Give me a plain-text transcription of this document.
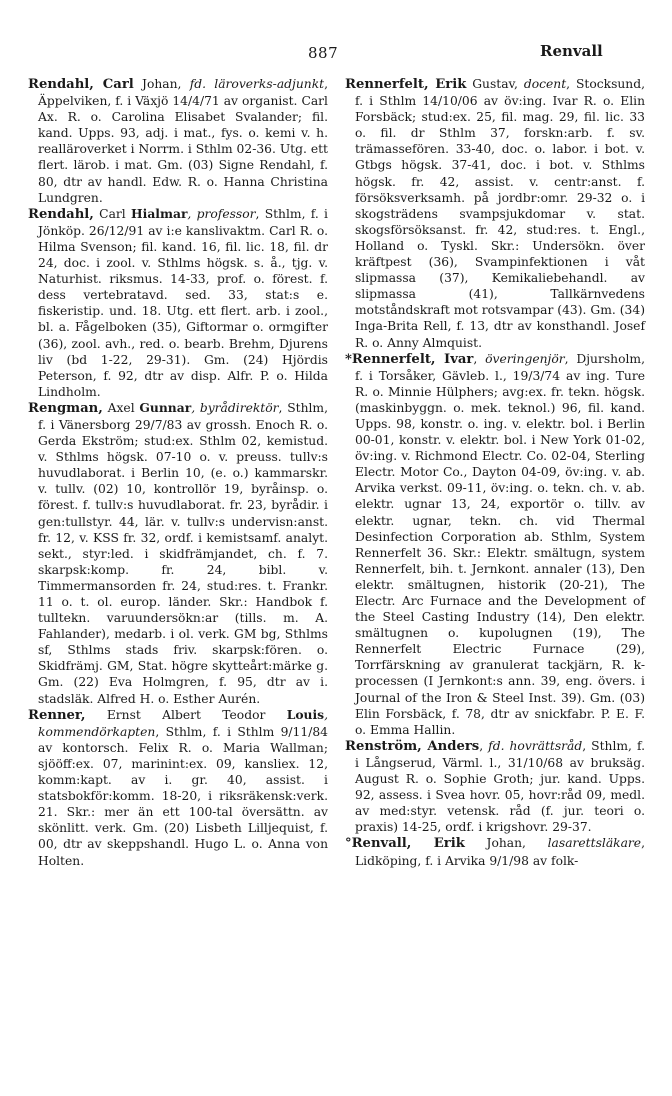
887	Renvall

Rendahl, Carl Johan, fd. läroverks-adjunkt, Äppelviken, f. i Växjö 14/4/71 av organist. Carl Ax. R. o. Carolina Elisabet Svalander; fil. kand. Upps. 93, adj. i mat., fys. o. kemi v. h. realläroverket i Norrm. i Sthlm 02-36. Utg. ett flert. lärob. i mat. Gm. (03) Signe Rendahl, f. 80, dtr av handl. Edw. R. o. Hanna Christina Lundgren.

Rendahl, Carl Hialmar, professor, Sthlm, f. i Jönköp. 26/12/91 av i:e kanslivaktm. Carl R. o. Hilma Svenson; fil. kand. 16, fil. lic. 18, fil. dr 24, doc. i zool. v. Sthlms högsk. s. å., tjg. v. Naturhist. riksmus. 14-33, prof. o. förest. f. dess vertebratavd. sed. 33, stat:s e. fiskeristip. und. 18. Utg. ett flert. arb. i zool., bl. a. Fågelboken (35), Giftormar o. ormgifter (36), zool. avh., red. o. bearb. Brehm, Djurens liv (bd 1-22, 29-31). Gm. (24) Hjördis Peterson, f. 92, dtr av disp. Alfr. P. o. Hilda Lindholm.

Rengman, Axel Gunnar, byrådirektör, Sthlm, f. i Vänersborg 29/7/83 av grossh. Enoch R. o. Gerda Ekström; stud:ex. Sthlm 02, kemistud. v. Sthlms högsk. 07-10 o. v. preuss. tullv:s huvudlaborat. i Berlin 10, (e. o.) kammarskr. v. tullv. (02) 10, kontrollör 19, byråinsp. o. förest. f. tullv:s huvudlaborat. fr. 23, byrådir. i gen:tullstyr. 44, lär. v. tullv:s undervisn:anst. fr. 12, v. KSS fr. 32, ordf. i kemistsamf. analyt. sekt., styr:led. i skidfrämjandet, ch. f. 7. skarpsk:komp. fr. 24, bibl. v. Timmermansorden fr. 24, stud:res. t. Frankr. 11 o. t. ol. europ. länder. Skr.: Handbok f. tulltekn. varuundersökn:ar (tills. m. A. Fahlander), medarb. i ol. verk. GM bg, Sthlms sf, Sthlms stads friv. skarpsk:fören. o. Skidfrämj. GM, Stat. högre skytteårt:märke g. Gm. (22) Eva Holmgren, f. 95, dtr av i. stadsläk. Alfred H. o. Esther Aurén.

Renner, Ernst Albert Teodor Louis, kommendörkapten, Sthlm, f. i Sthlm 9/11/84 av kontorsch. Felix R. o. Maria Wallman; sjööff:ex. 07, marinint:ex. 09, kansliex. 12, komm:kapt. av i. gr. 40, assist. i statsbokför:komm. 18-20, i riksräkensk:verk. 21. Skr.: mer än ett 100-tal översättn. av skönlitt. verk. Gm. (20) Lisbeth Lilljequist, f. 00, dtr av skeppshandl. Hugo L. o. Anna von Holten.

Rennerfelt, Erik Gustav, docent, Stocksund, f. i Sthlm 14/10/06 av öv:ing. Ivar R. o. Elin Forsbäck; stud:ex. 25, fil. mag. 29, fil. lic. 33 o. fil. dr Sthlm 37, forskn:arb. f. sv. trämassefören. 33-40, doc. o. labor. i bot. v. Gtbgs högsk. 37-41, doc. i bot. v. Sthlms högsk. fr. 42, assist. v. centr:anst. f. försöksverksamh. på jordbr:omr. 29-32 o. i skogsträdens svampsjukdomar v. stat. skogsförsöksanst. fr. 42, stud:res. t. Engl., Holland o. Tyskl. Skr.: Undersökn. över kräftpest (36), Svampinfektionen i våt slipmassa (37), Kemikaliebehandl. av slipmassa (41), Tallkärnvedens motståndskraft mot rotsvampar (43). Gm. (34) Inga-Brita Rell, f. 13, dtr av konsthandl. Josef R. o. Anny Almquist.

*Rennerfelt, Ivar, överingenjör, Djursholm, f. i Torsåker, Gävleb. l., 19/3/74 av ing. Ture R. o. Minnie Hülphers; avg:ex. fr. tekn. högsk. (maskinbyggn. o. mek. teknol.) 96, fil. kand. Upps. 98, konstr. o. ing. v. elektr. bol. i Berlin 00-01, konstr. v. elektr. bol. i New York 01-02, öv:ing. v. Richmond Electr. Co. 02-04, Sterling Electr. Motor Co., Dayton 04-09, öv:ing. v. ab. Arvika verkst. 09-11, öv:ing. o. tekn. ch. v. ab. elektr. ugnar 13, 24, exportör o. tillv. av elektr. ugnar, tekn. ch. vid Thermal Desinfection Corporation ab. Sthlm, System Rennerfelt 36. Skr.: Elektr. smältugn, system Rennerfelt, bih. t. Jernkont. annaler (13), Den elektr. smältugnen, historik (20-21), The Electr. Arc Furnace and the Development of the Steel Casting Industry (14), Den elektr. smältugnen o. kupolugnen (19), The Rennerfelt Electric Furnace (29), Torrfärskning av granulerat tackjärn, R. k-processen (I Jernkont:s ann. 39, eng. övers. i Journal of the Iron & Steel Inst. 39). Gm. (03) Elin Forsbäck, f. 78, dtr av snickfabr. P. E. F. o. Emma Hallin.

Renström, Anders, fd. hovrättsråd, Sthlm, f. i Långserud, Värml. l., 31/10/68 av bruksäg. August R. o. Sophie Groth; jur. kand. Upps. 92, assess. i Svea hovr. 05, hovr:råd 09, medl. av med:styr. vetensk. råd (f. jur. teori o. praxis) 14-25, ordf. i krigshovr. 29-37.

°Renvall, Erik Johan, lasarettsläkare, Lidköping, f. i Arvika 9/1/98 av folk-
